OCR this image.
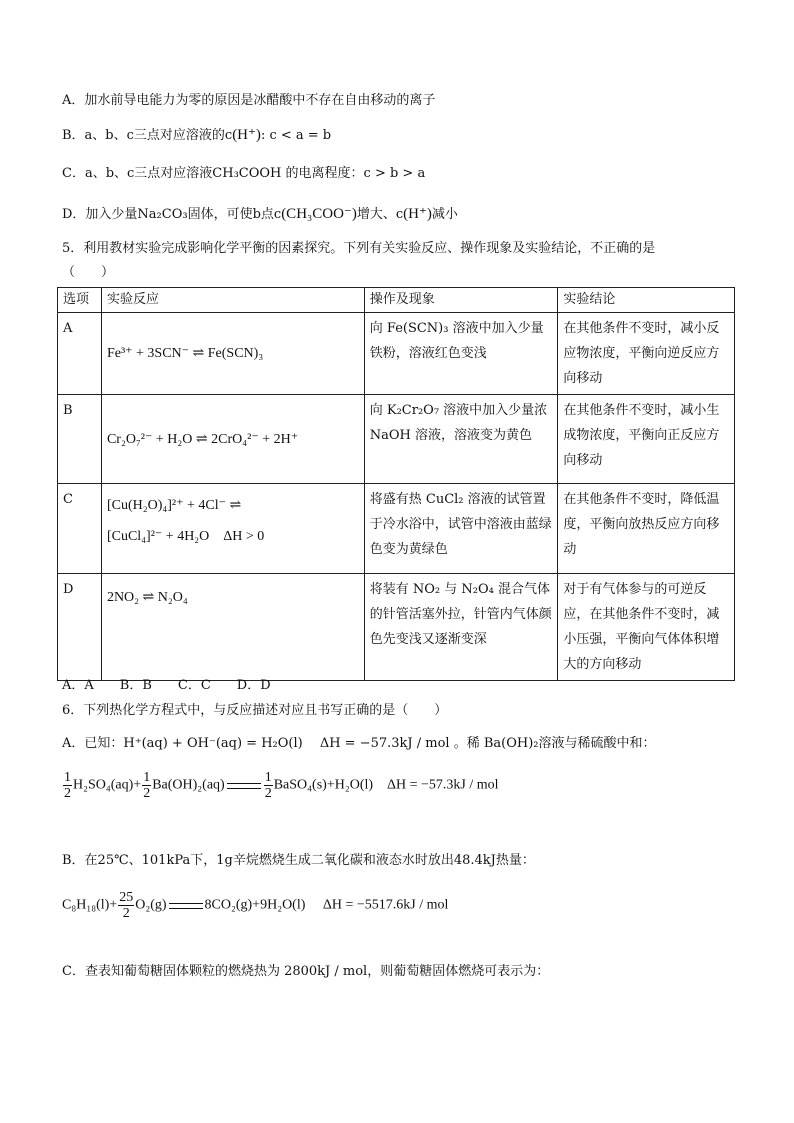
A．加水前导电能力为零的原因是冰醋酸中不存在自由移动的离子
B．a、b、c三点对应溶液的c(H⁺): c < a = b
C．a、b、c三点对应溶液CH₃COOH 的电离程度：c > b > a
D．加入少量Na₂CO₃固体，可使b点c(CH₃COO⁻)增大、c(H⁺)减小
5．利用教材实验完成影响化学平衡的因素探究。下列有关实验反应、操作现象及实验结论，不正确的是
（　　）
选项	实验反应	操作及现象	实验结论
A	Fe³⁺ + 3SCN⁻ ⇌ Fe(SCN)₃	向 Fe(SCN)₃ 溶液中加入少量铁粉，溶液红色变浅	在其他条件不变时，减小反应物浓度，平衡向逆反应方向移动
B	Cr₂O₇²⁻ + H₂O ⇌ 2CrO₄²⁻ + 2H⁺	向 K₂Cr₂O₇ 溶液中加入少量浓 NaOH 溶液，溶液变为黄色	在其他条件不变时，减小生成物浓度，平衡向正反应方向移动
C	[Cu(H₂O)₄]²⁺ + 4Cl⁻ ⇌
[CuCl₄]²⁻ + 4H₂O　ΔH > 0	将盛有热 CuCl₂ 溶液的试管置于冷水浴中，试管中溶液由蓝绿色变为黄绿色	在其他条件不变时，降低温度，平衡向放热反应方向移动
D	2NO₂ ⇌ N₂O₄	将装有 NO₂ 与 N₂O₄ 混合气体的针管活塞外拉，针管内气体颜色先变浅又逐渐变深	对于有气体参与的可逆反应，在其他条件不变时，减小压强，平衡向气体体积增大的方向移动
A．A　　B．B　　C．C　　D．D
6．下列热化学方程式中，与反应描述对应且书写正确的是（　　）
A．已知：H⁺(aq) + OH⁻(aq) = H₂O(l)　 ΔH = −57.3kJ / mol 。稀 Ba(OH)₂溶液与稀硫酸中和：
$\frac{1}{2} H_2SO_4(aq)+ \frac{1}{2} Ba(OH)_2(aq)$	$\frac{1}{2}$ BaSO₄(s)+H₂O(l)　ΔH = −57.3kJ / mol
B．在25℃、101kPa下，1g辛烷燃烧生成二氧化碳和液态水时放出48.4kJ热量：
$C_8H_{18}(l)+ \frac{25}{2} O_2(g)$	8CO₂(g)+9H₂O(l)　 ΔH = −5517.6kJ / mol
C．查表知葡萄糖固体颗粒的燃烧热为 2800kJ / mol，则葡萄糖固体燃烧可表示为：
